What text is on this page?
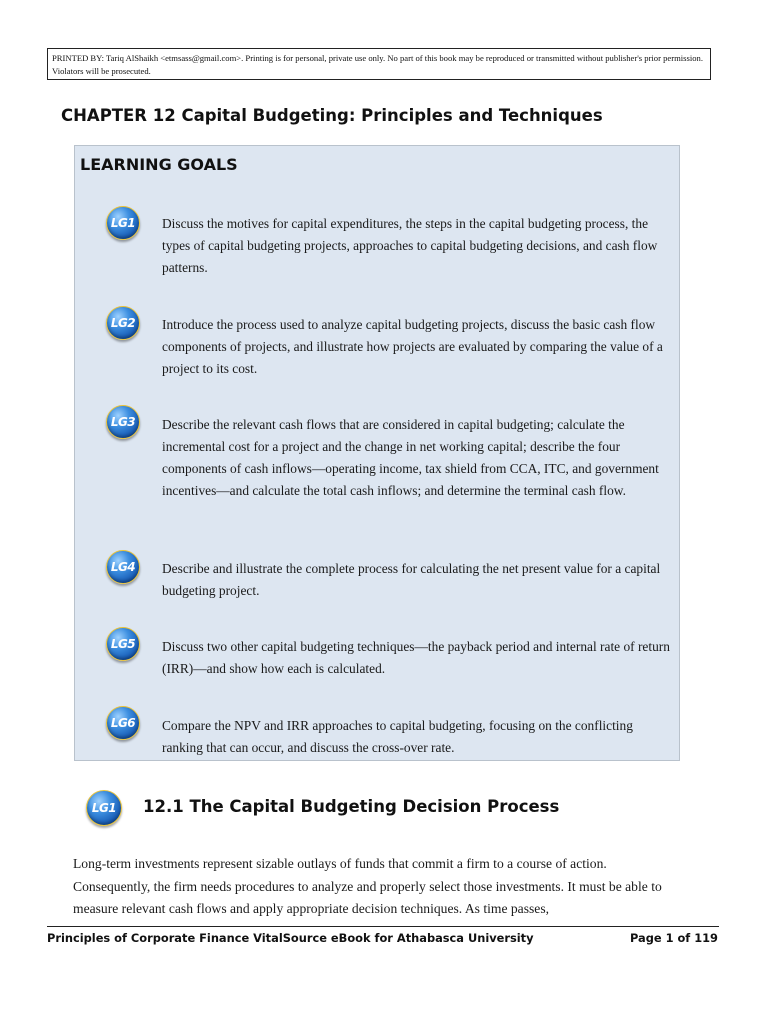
PRINTED BY: Tariq AlShaikh <etmsass@gmail.com>. Printing is for personal, private use only. No part of this book may be reproduced or transmitted without publisher's prior permission. Violators will be prosecuted.
CHAPTER 12 Capital Budgeting: Principles and Techniques
LEARNING GOALS
LG1	Discuss the motives for capital expenditures, the steps in the capital budgeting process, the types of capital budgeting projects, approaches to capital budgeting decisions, and cash flow patterns.
LG2	Introduce the process used to analyze capital budgeting projects, discuss the basic cash flow components of projects, and illustrate how projects are evaluated by comparing the value of a project to its cost.
LG3	Describe the relevant cash flows that are considered in capital budgeting; calculate the incremental cost for a project and the change in net working capital; describe the four components of cash inflows—operating income, tax shield from CCA, ITC, and government incentives—and calculate the total cash inflows; and determine the terminal cash flow.
LG4	Describe and illustrate the complete process for calculating the net present value for a capital budgeting project.
LG5	Discuss two other capital budgeting techniques—the payback period and internal rate of return (IRR)—and show how each is calculated.
LG6	Compare the NPV and IRR approaches to capital budgeting, focusing on the conflicting ranking that can occur, and discuss the cross-over rate.
LG1	12.1 The Capital Budgeting Decision Process
Long-term investments represent sizable outlays of funds that commit a firm to a course of action. Consequently, the firm needs procedures to analyze and properly select those investments. It must be able to measure relevant cash flows and apply appropriate decision techniques. As time passes,
Principles of Corporate Finance VitalSource eBook for Athabasca University	Page 1 of 119
